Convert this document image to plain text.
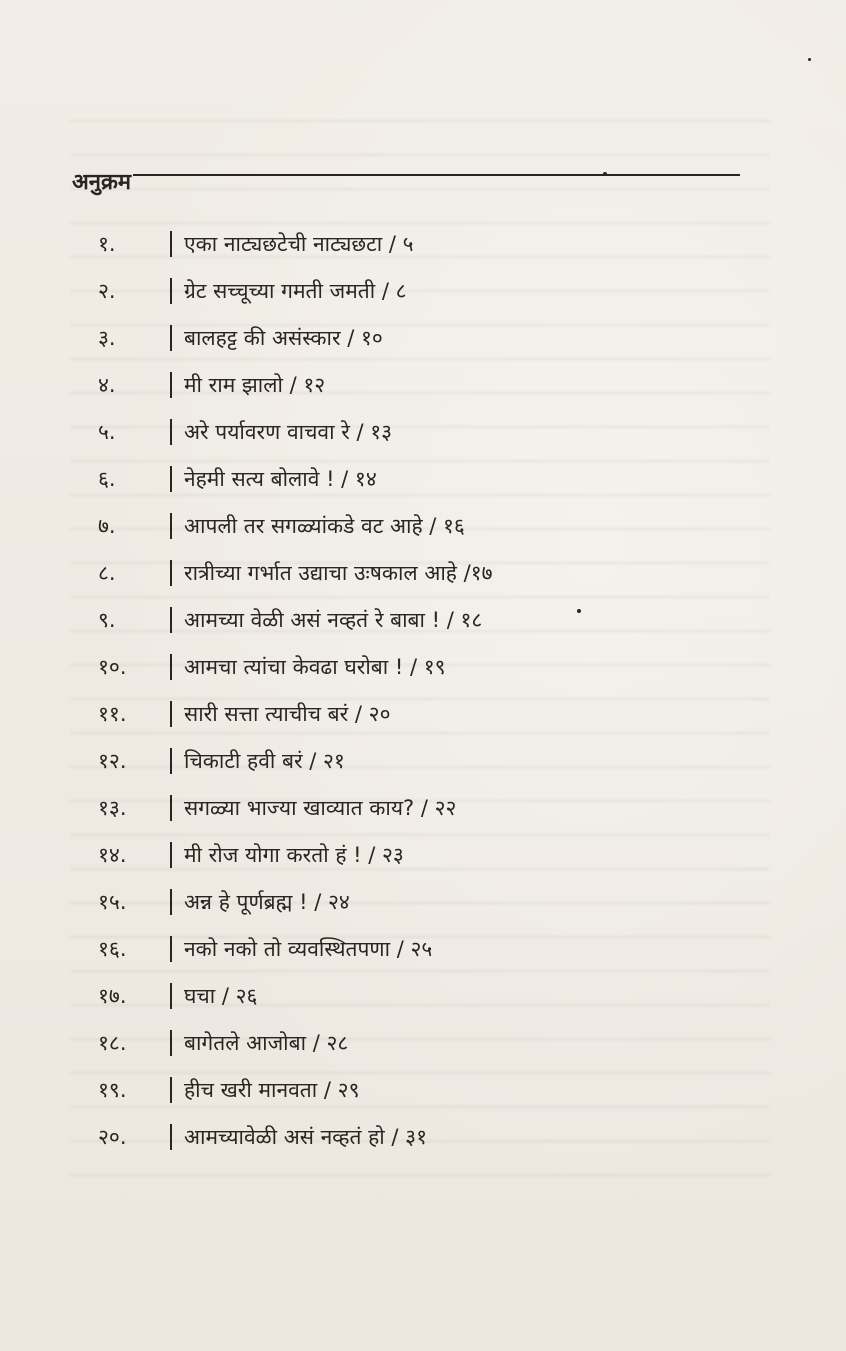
अनुक्रम
१.	एका नाट्यछटेची नाट्यछटा / ५
२.	ग्रेट सच्चूच्या गमती जमती / ८
३.	बालहट्ट की असंस्कार / १०
४.	मी राम झालो / १२
५.	अरे पर्यावरण वाचवा रे / १३
६.	नेहमी सत्य बोलावे ! / १४
७.	आपली तर सगळ्यांकडे वट आहे / १६
८.	रात्रीच्या गर्भात उद्याचा उःषकाल आहे /१७
९.	आमच्या वेळी असं नव्हतं रे बाबा ! / १८
१०.	आमचा त्यांचा केवढा घरोबा ! / १९
११.	सारी सत्ता त्याचीच बरं / २०
१२.	चिकाटी हवी बरं / २१
१३.	सगळ्या भाज्या खाव्यात काय? / २२
१४.	मी रोज योगा करतो हं ! / २३
१५.	अन्न हे पूर्णब्रह्म ! / २४
१६.	नको नको तो व्यवस्थितपणा / २५
१७.	घचा / २६
१८.	बागेतले आजोबा / २८
१९.	हीच खरी मानवता / २९
२०.	आमच्यावेळी असं नव्हतं हो / ३१
